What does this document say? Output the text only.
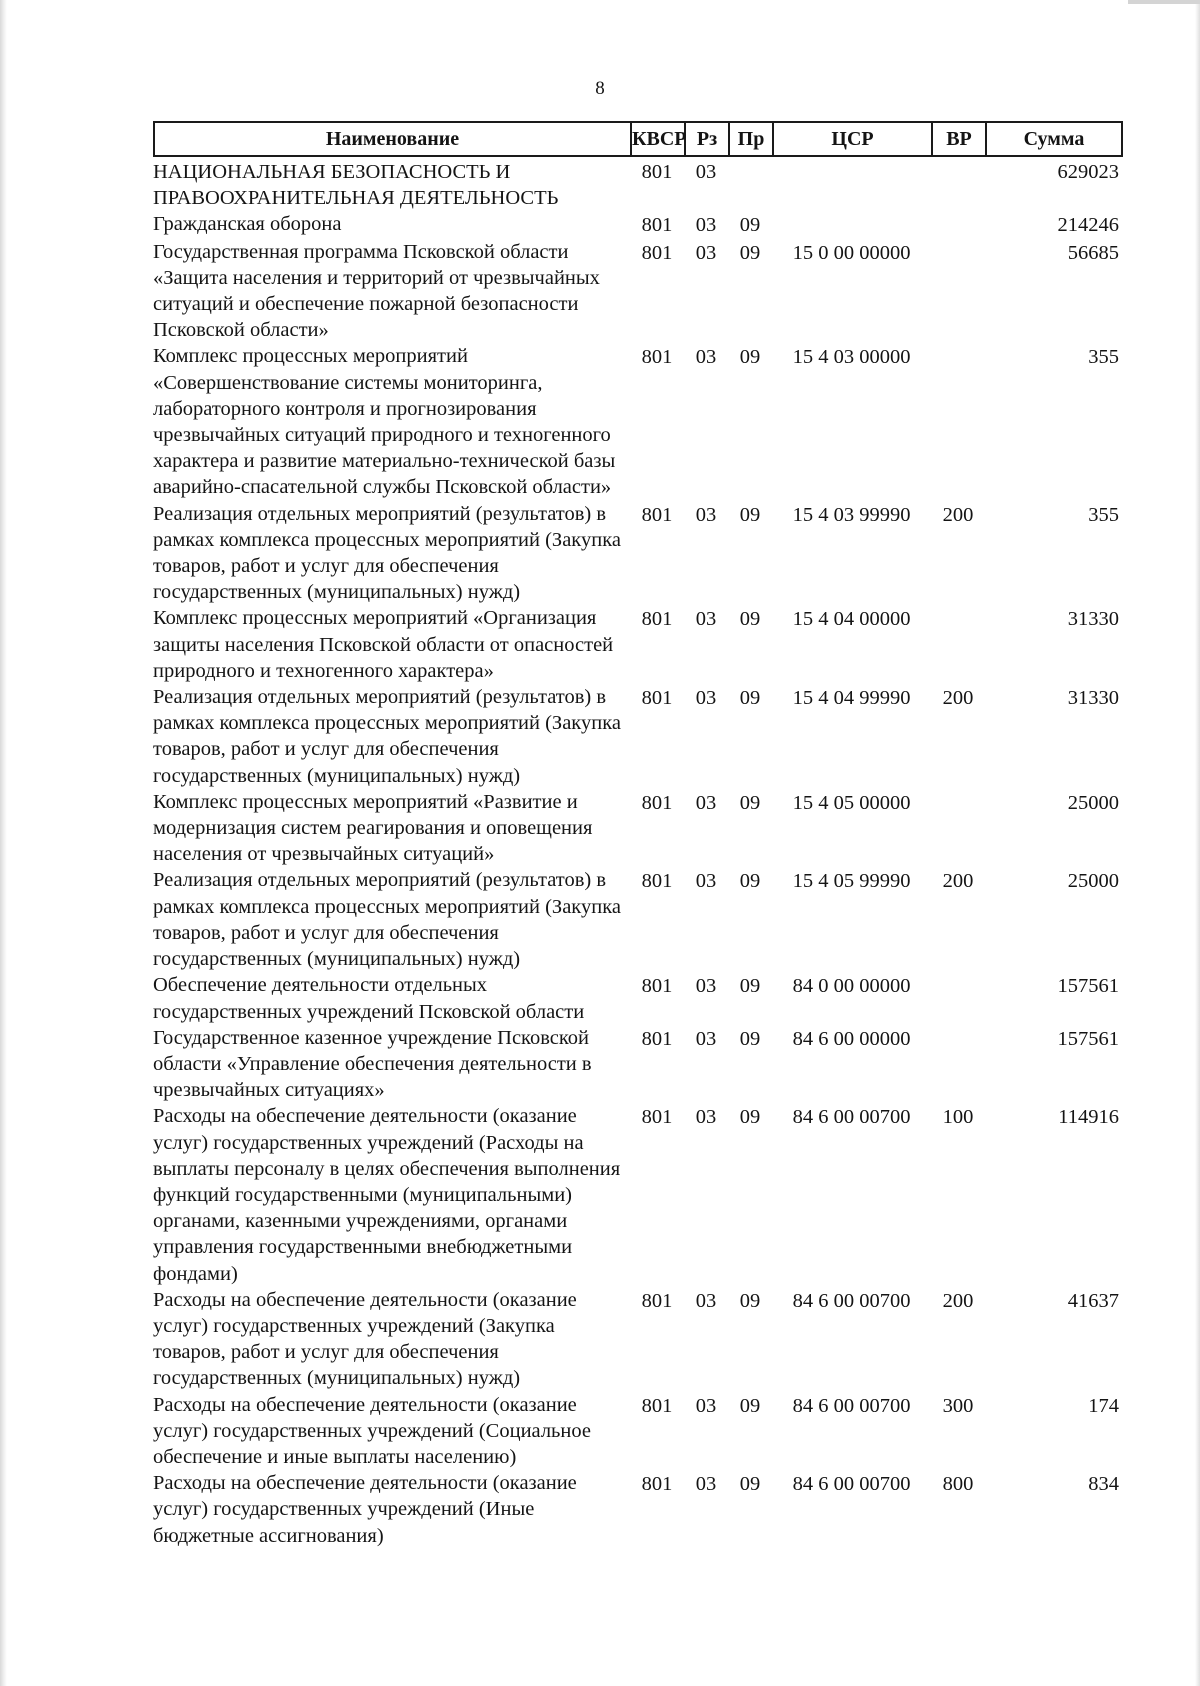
8
Наименование	КВСР	Рз	Пр	ЦСР	ВР	Сумма
НАЦИОНАЛЬНАЯ БЕЗОПАСНОСТЬ И ПРАВООХРАНИТЕЛЬНАЯ ДЕЯТЕЛЬНОСТЬ	801	03				629023
Гражданская оборона	801	03	09			214246
Государственная программа Псковской области «Защита населения и территорий от чрезвычайных ситуаций и обеспечение пожарной безопасности Псковской области»	801	03	09	15 0 00 00000		56685
Комплекс процессных мероприятий «Совершенствование системы мониторинга, лабораторного контроля и прогнозирования чрезвычайных ситуаций природного и техногенного характера и развитие материально-технической базы аварийно-спасательной службы Псковской области»	801	03	09	15 4 03 00000		355
Реализация отдельных мероприятий (результатов) в рамках комплекса процессных мероприятий (Закупка товаров, работ и услуг для обеспечения государственных (муниципальных) нужд)	801	03	09	15 4 03 99990	200	355
Комплекс процессных мероприятий «Организация защиты населения Псковской области от опасностей природного и техногенного характера»	801	03	09	15 4 04 00000		31330
Реализация отдельных мероприятий (результатов) в рамках комплекса процессных мероприятий (Закупка товаров, работ и услуг для обеспечения государственных (муниципальных) нужд)	801	03	09	15 4 04 99990	200	31330
Комплекс процессных мероприятий «Развитие и модернизация систем реагирования и оповещения населения от чрезвычайных ситуаций»	801	03	09	15 4 05 00000		25000
Реализация отдельных мероприятий (результатов) в рамках комплекса процессных мероприятий (Закупка товаров, работ и услуг для обеспечения государственных (муниципальных) нужд)	801	03	09	15 4 05 99990	200	25000
Обеспечение деятельности отдельных государственных учреждений Псковской области	801	03	09	84 0 00 00000		157561
Государственное казенное учреждение Псковской области «Управление обеспечения деятельности в чрезвычайных ситуациях»	801	03	09	84 6 00 00000		157561
Расходы на обеспечение деятельности (оказание услуг) государственных учреждений (Расходы на выплаты персоналу в целях обеспечения выполнения функций государственными (муниципальными) органами, казенными учреждениями, органами управления государственными внебюджетными фондами)	801	03	09	84 6 00 00700	100	114916
Расходы на обеспечение деятельности (оказание услуг) государственных учреждений (Закупка товаров, работ и услуг для обеспечения государственных (муниципальных) нужд)	801	03	09	84 6 00 00700	200	41637
Расходы на обеспечение деятельности (оказание услуг) государственных учреждений (Социальное обеспечение и иные выплаты населению)	801	03	09	84 6 00 00700	300	174
Расходы на обеспечение деятельности (оказание услуг) государственных учреждений (Иные бюджетные ассигнования)	801	03	09	84 6 00 00700	800	834
